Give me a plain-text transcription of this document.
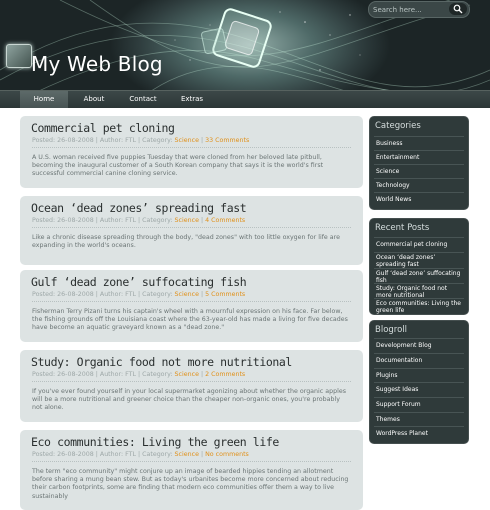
My Web Blog
Search here...
Home	About	Contact	Extras
Commercial pet cloning
Posted: 26-08-2008 | Author: FTL | Category: Science | 33 Comments
A U.S. woman received five puppies Tuesday that were cloned from her beloved late pitbull, becoming the inaugural customer of a South Korean company that says it is the world's first successful commercial canine cloning service.
Ocean ‘dead zones’ spreading fast
Posted: 26-08-2008 | Author: FTL | Category: Science | 4 Comments
Like a chronic disease spreading through the body, "dead zones" with too little oxygen for life are expanding in the world's oceans.
Gulf ‘dead zone’ suffocating fish
Posted: 26-08-2008 | Author: FTL | Category: Science | 5 Comments
Fisherman Terry Pizani turns his captain's wheel with a mournful expression on his face. Far below, the fishing grounds off the Louisiana coast where the 63-year-old has made a living for five decades have become an aquatic graveyard known as a "dead zone."
Study: Organic food not more nutritional
Posted: 26-08-2008 | Author: FTL | Category: Science | 2 Comments
If you've ever found yourself in your local supermarket agonizing about whether the organic apples will be a more nutritional and greener choice than the cheaper non-organic ones, you're probably not alone.
Eco communities: Living the green life
Posted: 26-08-2008 | Author: FTL | Category: Science | No comments
The term "eco community" might conjure up an image of bearded hippies tending an allotment before sharing a mung bean stew. But as today's urbanites become more concerned about reducing their carbon footprints, some are finding that modern eco communities offer them a way to live sustainably
Categories
Business
Entertainment
Science
Technology
World News
Recent Posts
Commercial pet cloning
Ocean ‘dead zones’ spreading fast
Gulf ‘dead zone’ suffocating fish
Study: Organic food not more nutritional
Eco communities: Living the green life
Blogroll
Development Blog
Documentation
Plugins
Suggest Ideas
Support Forum
Themes
WordPress Planet
